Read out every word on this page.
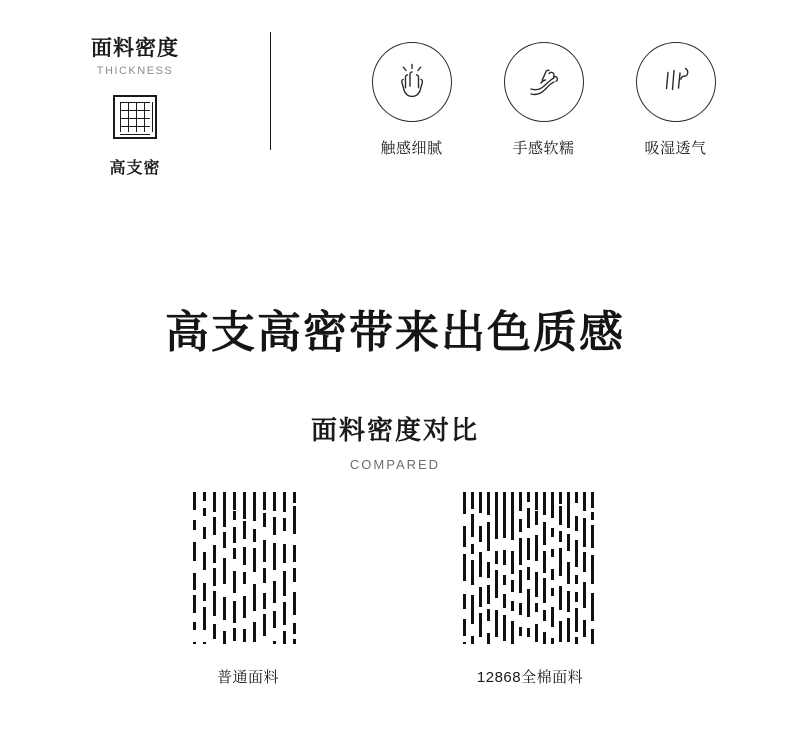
面料密度
THICKNESS
高支密
触感细腻	手感软糯	吸湿透气
高支高密带来出色质感
面料密度对比
COMPARED
普通面料	12868全棉面料
